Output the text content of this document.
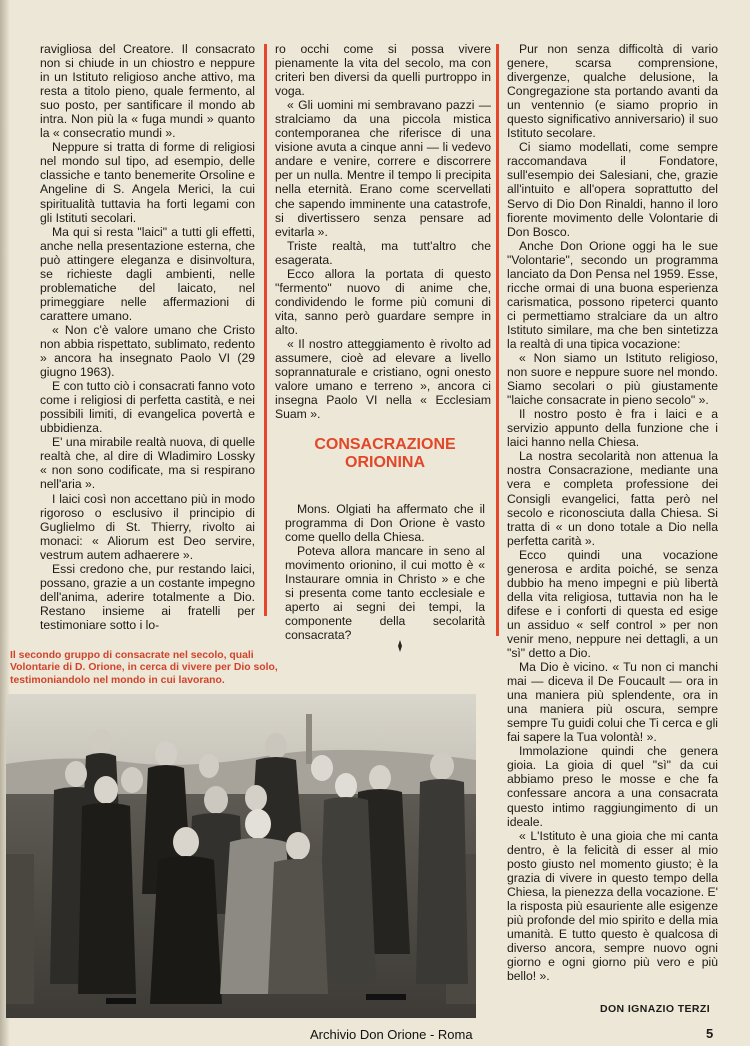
ravigliosa del Creatore. Il consacrato non si chiude in un chiostro e neppure in un Istituto religioso anche attivo, ma resta a titolo pieno, quale fermento, al suo posto, per santificare il mondo ab intra. Non più la « fuga mundi » quanto la « consecratio mundi ».

Neppure si tratta di forme di religiosi nel mondo sul tipo, ad esempio, delle classiche e tanto benemerite Orsoline e Angeline di S. Angela Merici, la cui spiritualità tuttavia ha forti legami con gli Istituti secolari.

Ma qui si resta "laici" a tutti gli effetti, anche nella presentazione esterna, che può attingere eleganza e disinvoltura, se richieste dagli ambienti, nelle problematiche del laicato, nel primeggiare nelle affermazioni di carattere umano.

« Non c'è valore umano che Cristo non abbia rispettato, sublimato, redento » ancora ha insegnato Paolo VI (29 giugno 1963).

E con tutto ciò i consacrati fanno voto come i religiosi di perfetta castità, e nei possibili limiti, di evangelica povertà e ubbidienza.

E' una mirabile realtà nuova, di quelle realtà che, al dire di Wladimiro Lossky « non sono codificate, ma si respirano nell'aria ».

I laici così non accettano più in modo rigoroso o esclusivo il principio di Guglielmo di St. Thierry, rivolto ai monaci: « Aliorum est Deo servire, vestrum autem adhaerere ».

Essi credono che, pur restando laici, possano, grazie a un costante impegno dell'anima, aderire totalmente a Dio. Restano insieme ai fratelli per testimoniare sotto i lo-

ro occhi come si possa vivere pienamente la vita del secolo, ma con criteri ben diversi da quelli purtroppo in voga.

« Gli uomini mi sembravano pazzi — stralciamo da una piccola mistica contemporanea che riferisce di una visione avuta a cinque anni — li vedevo andare e venire, correre e discorrere per un nulla. Mentre il tempo li precipita nella eternità. Erano come scervellati che sapendo imminente una catastrofe, si divertissero senza pensare ad evitarla ».

Triste realtà, ma tutt'altro che esagerata.

Ecco allora la portata di questo "fermento" nuovo di anime che, condividendo le forme più comuni di vita, sanno però guardare sempre in alto.

« Il nostro atteggiamento è rivolto ad assumere, cioè ad elevare a livello soprannaturale e cristiano, ogni onesto valore umano e terreno », ancora ci insegna Paolo VI nella « Ecclesiam Suam ».

CONSACRAZIONE ORIONINA

Mons. Olgiati ha affermato che il programma di Don Orione è vasto come quello della Chiesa.

Poteva allora mancare in seno al movimento orionino, il cui motto è « Instaurare omnia in Christo » e che si presenta come tanto ecclesiale e aperto ai segni dei tempi, la componente della secolarità consacrata?

Pur non senza difficoltà di vario genere, scarsa comprensione, divergenze, qualche delusione, la Congregazione sta portando avanti da un ventennio (e siamo proprio in questo significativo anniversario) il suo Istituto secolare.

Ci siamo modellati, come sempre raccomandava il Fondatore, sull'esempio dei Salesiani, che, grazie all'intuito e all'opera soprattutto del Servo di Dio Don Rinaldi, hanno il loro fiorente movimento delle Volontarie di Don Bosco.

Anche Don Orione oggi ha le sue "Volontarie", secondo un programma lanciato da Don Pensa nel 1959. Esse, ricche ormai di una buona esperienza carismatica, possono ripeterci quanto ci permettiamo stralciare da un altro Istituto similare, ma che ben sintetizza la realtà di una tipica vocazione:

« Non siamo un Istituto religioso, non suore e neppure suore nel mondo. Siamo secolari o più giustamente "laiche consacrate in pieno secolo" ».

Il nostro posto è fra i laici e a servizio appunto della funzione che i laici hanno nella Chiesa.

La nostra secolarità non attenua la nostra Consacrazione, mediante una vera e completa professione dei Consigli evangelici, fatta però nel secolo e riconosciuta dalla Chiesa. Si tratta di « un dono totale a Dio nella perfetta carità ».

Ecco quindi una vocazione generosa e ardita poiché, se senza dubbio ha meno impegni e più libertà della vita religiosa, tuttavia non ha le difese e i conforti di questa ed esige un assiduo « self control » per non venir meno, neppure nei dettagli, a un "sì" detto a Dio.

Ma Dio è vicino. « Tu non ci manchi mai — diceva il De Foucault — ora in una maniera più splendente, ora in una maniera più oscura, sempre sempre Tu guidi colui che Ti cerca e gli fai sapere la Tua volontà! ».

Immolazione quindi che genera gioia. La gioia di quel "sì" da cui abbiamo preso le mosse e che fa confessare ancora a una consacrata questo intimo raggiungimento di un ideale.

« L'Istituto è una gioia che mi canta dentro, è la felicità di esser al mio posto giusto nel momento giusto; è la grazia di vivere in questo tempo della Chiesa, la pienezza della vocazione. E' la risposta più esauriente alle esigenze più profonde del mio spirito e della mia umanità. E tutto questo è qualcosa di diverso ancora, sempre nuovo ogni giorno e ogni giorno più vero e più bello! ».

Il secondo gruppo di consacrate nel secolo, quali Volontarie di D. Orione, in cerca di vivere per Dio solo, testimoniandolo nel mondo in cui lavorano.
DON IGNAZIO TERZI
Archivio Don Orione - Roma	5
